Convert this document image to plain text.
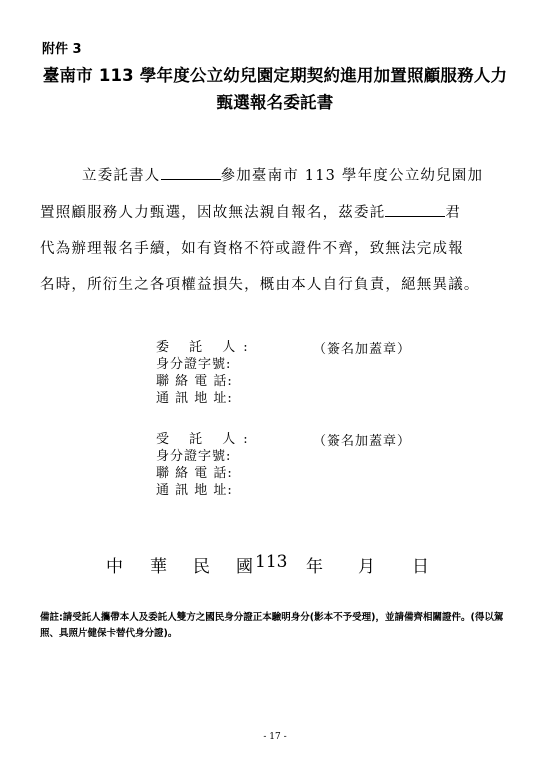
附件 3
臺南市 113 學年度公立幼兒園定期契約進用加置照顧服務人力
甄選報名委託書
立委託書人	參加臺南市 113 學年度公立幼兒園加
置照顧服務人力甄選，因故無法親自報名，茲委託	君
代為辦理報名手續，如有資格不符或證件不齊，致無法完成報
名時，所衍生之各項權益損失，概由本人自行負責，絕無異議。
委 託 人:
身分證字號:
聯 絡 電 話:
通 訊 地 址:
（簽名加蓋章）
受 託 人:
身分證字號:
聯 絡 電 話:
通 訊 地 址:
（簽名加蓋章）
中 華 民 國 113 年 月 日
備註:請受託人攜帶本人及委託人雙方之國民身分證正本驗明身分(影本不予受理)，並請備齊相關證件。(得以駕照、具照片健保卡替代身分證)。
- 17 -
